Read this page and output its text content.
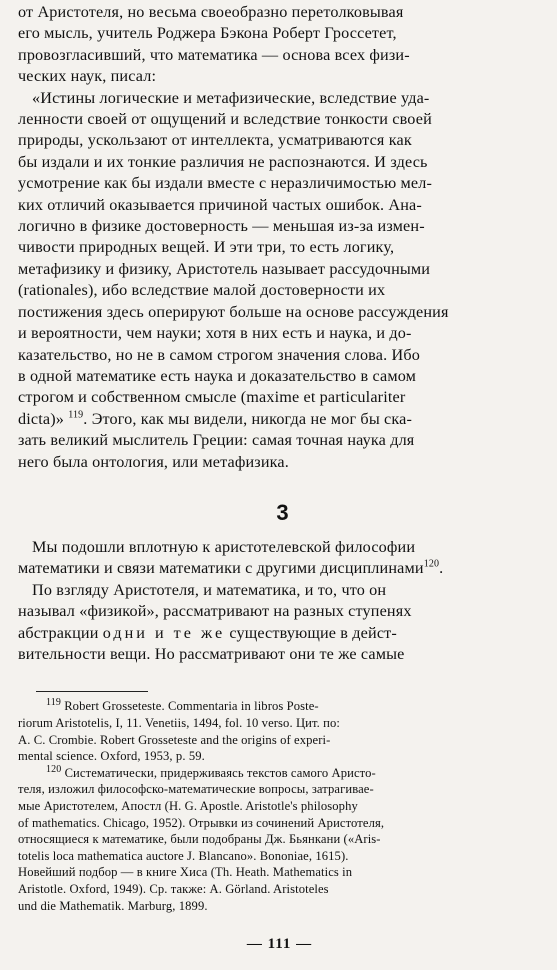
от Аристотеля, но весьма своеобразно перетолковывая

его мысль, учитель Роджера Бэкона Роберт Гроссетет,

провозгласивший, что математика — основа всех физи-

ческих наук, писал:

«Истины логические и метафизические, вследствие уда-

ленности своей от ощущений и вследствие тонкости своей

природы, ускользают от интеллекта, усматриваются как

бы издали и их тонкие различия не распознаются. И здесь

усмотрение как бы издали вместе с неразличимостью мел-

ких отличий оказывается причиной частых ошибок. Ана-

логично в физике достоверность — меньшая из-за измен-

чивости природных вещей. И эти три, то есть логику,

метафизику и физику, Аристотель называет рассудочными

(rationales), ибо вследствие малой достоверности их

постижения здесь оперируют больше на основе рассуждения

и вероятности, чем науки; хотя в них есть и наука, и до-

казательство, но не в самом строгом значения слова. Ибо

в одной математике есть наука и доказательство в самом

строгом и собственном смысле (maxime et particulariter

dicta)» $^{119}$. Этого, как мы видели, никогда не мог бы ска-

зать великий мыслитель Греции: самая точная наука для

него была онтология, или метафизика.

3

Мы подошли вплотную к аристотелевской философии

математики и связи математики с другими дисциплинами$^{120}$.

По взгляду Аристотеля, и математика, и то, что он

называл «физикой», рассматривают на разных ступенях

абстракции одни и те же существующие в дейст-

вительности вещи. Но рассматривают они те же самые

$^{119}$ Robert Grosseteste. Commentaria in libros Poste-

riorum Aristotelis, I, 11. Venetiis, 1494, fol. 10 verso. Цит. по:

A. C. Crombie. Robert Grosseteste and the origins of experi-

mental science. Oxford, 1953, p. 59.

$^{120}$ Систематически, придерживаясь текстов самого Аристо-

теля, изложил философско-математические вопросы, затрагивае-

мые Аристотелем, Апостл (H. G. Apostle. Aristotle's philosophy

of mathematics. Chicago, 1952). Отрывки из сочинений Аристотеля,

относящиеся к математике, были подобраны Дж. Бьянкани («Aris-

totelis loca mathematica auctore J. Blancano». Bononiae, 1615).

Новейший подбор — в книге Хиса (Th. Heath. Mathematics in

Aristotle. Oxford, 1949). Ср. также: A. Görland. Aristoteles

und die Mathematik. Marburg, 1899.

— 111 —
